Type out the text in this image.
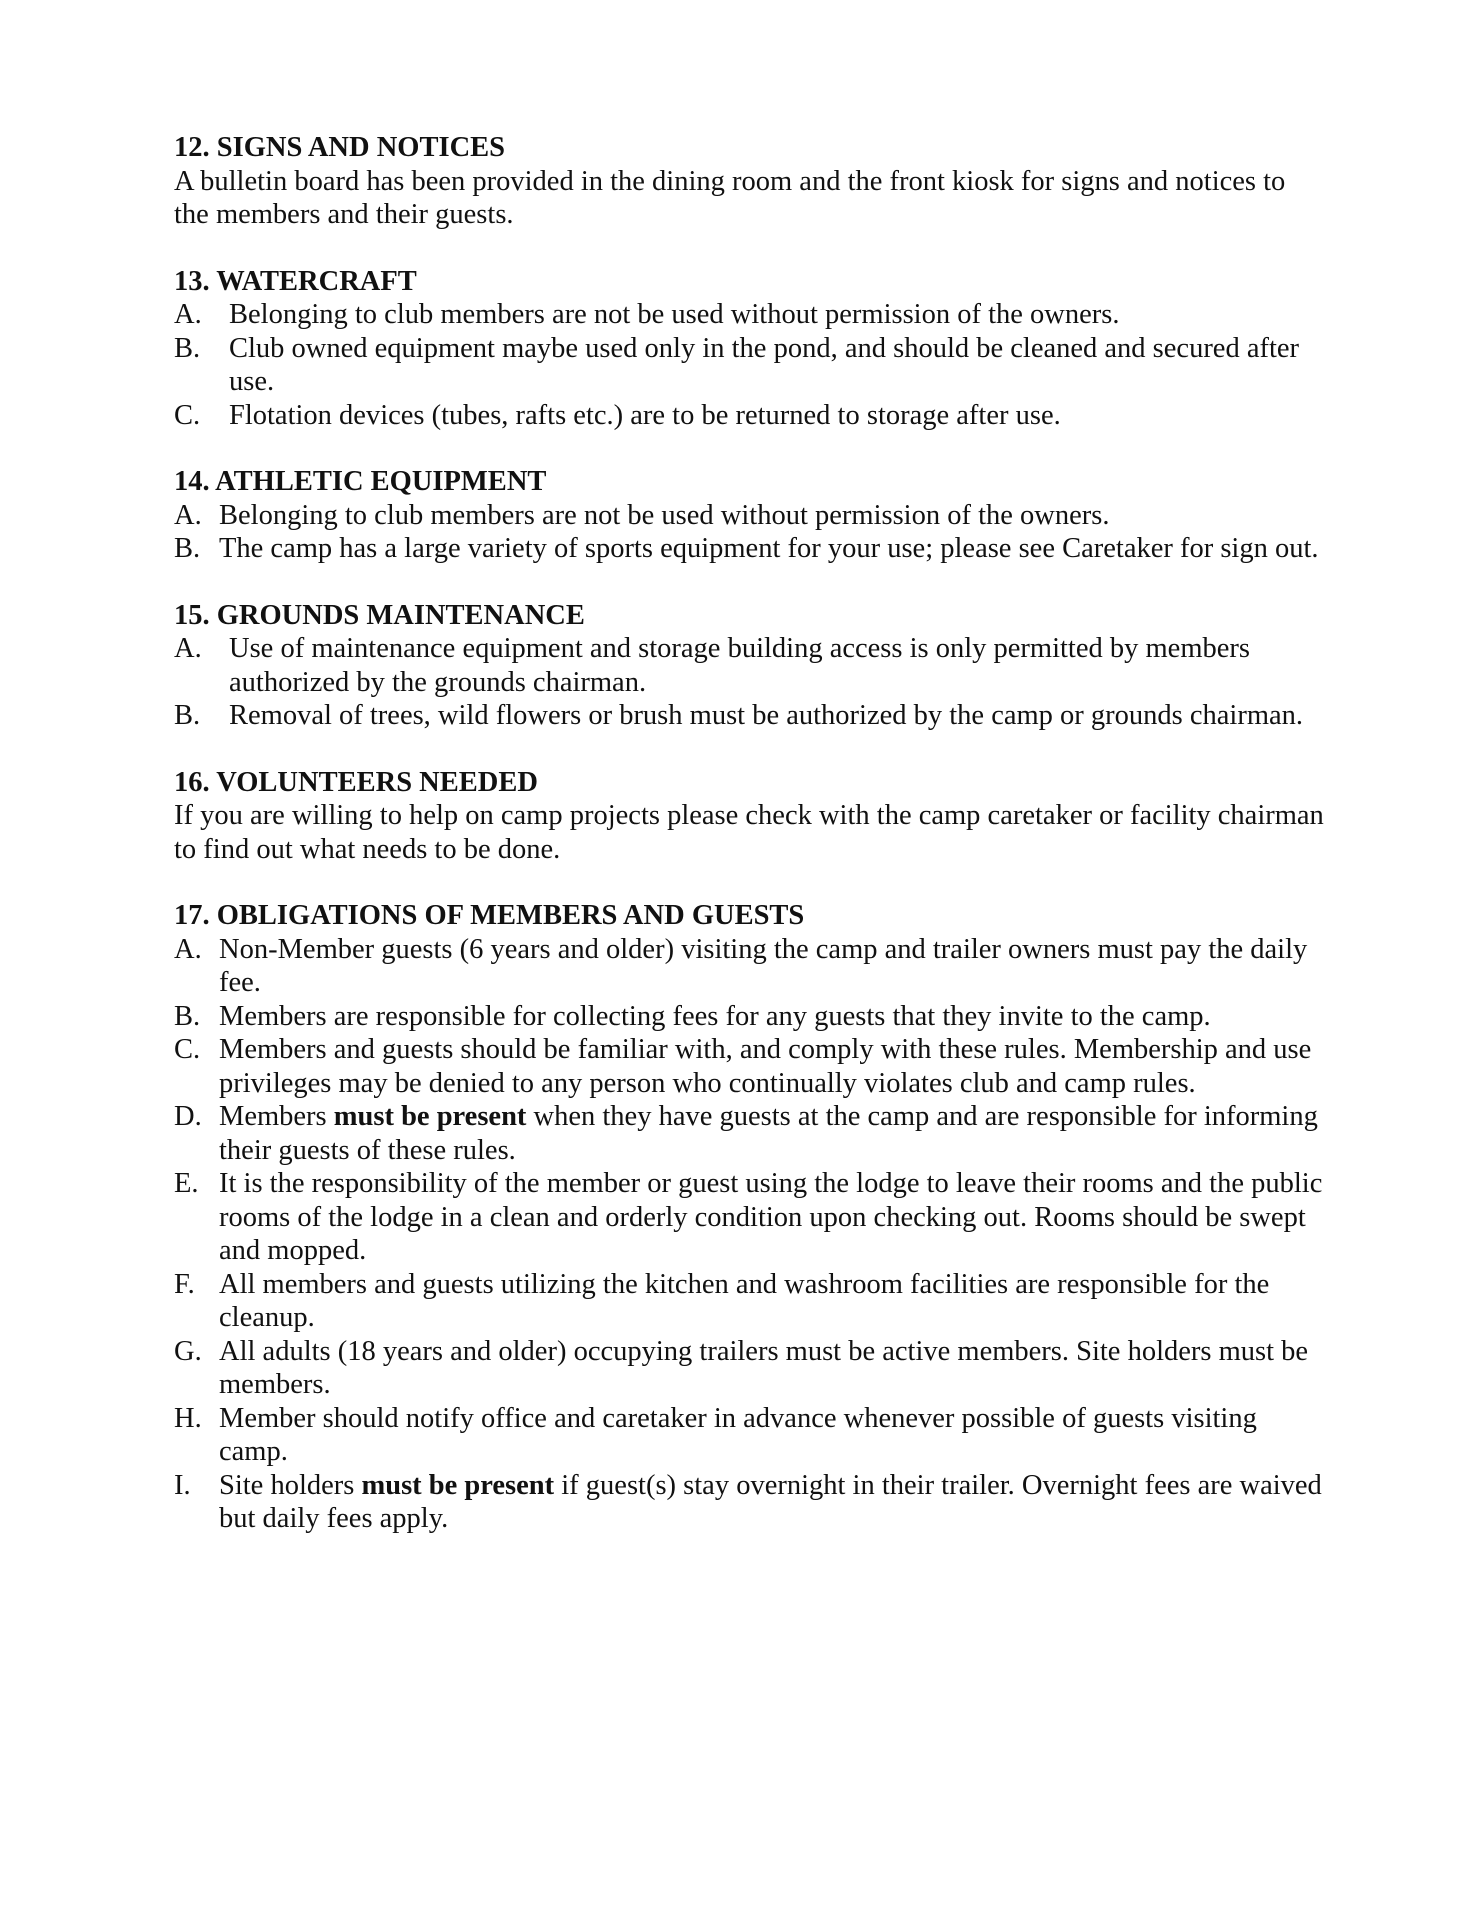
12. SIGNS AND NOTICES

A bulletin board has been provided in the dining room and the front kiosk for signs and notices to the members and their guests.

13. WATERCRAFT

A. Belonging to club members are not be used without permission of the owners.
B. Club owned equipment maybe used only in the pond, and should be cleaned and secured after use.
C. Flotation devices (tubes, rafts etc.) are to be returned to storage after use.

14. ATHLETIC EQUIPMENT

A. Belonging to club members are not be used without permission of the owners.
B. The camp has a large variety of sports equipment for your use; please see Caretaker for sign out.

15. GROUNDS MAINTENANCE

A. Use of maintenance equipment and storage building access is only permitted by members authorized by the grounds chairman.
B. Removal of trees, wild flowers or brush must be authorized by the camp or grounds chairman.

16. VOLUNTEERS NEEDED

If you are willing to help on camp projects please check with the camp caretaker or facility chairman to find out what needs to be done.

17. OBLIGATIONS OF MEMBERS AND GUESTS

A. Non-Member guests (6 years and older) visiting the camp and trailer owners must pay the daily fee.
B. Members are responsible for collecting fees for any guests that they invite to the camp.
C. Members and guests should be familiar with, and comply with these rules. Membership and use privileges may be denied to any person who continually violates club and camp rules.
D. Members must be present when they have guests at the camp and are responsible for informing their guests of these rules.
E. It is the responsibility of the member or guest using the lodge to leave their rooms and the public rooms of the lodge in a clean and orderly condition upon checking out. Rooms should be swept and mopped.
F. All members and guests utilizing the kitchen and washroom facilities are responsible for the cleanup.
G. All adults (18 years and older) occupying trailers must be active members. Site holders must be members.
H. Member should notify office and caretaker in advance whenever possible of guests visiting camp.
I. Site holders must be present if guest(s) stay overnight in their trailer. Overnight fees are waived but daily fees apply.
